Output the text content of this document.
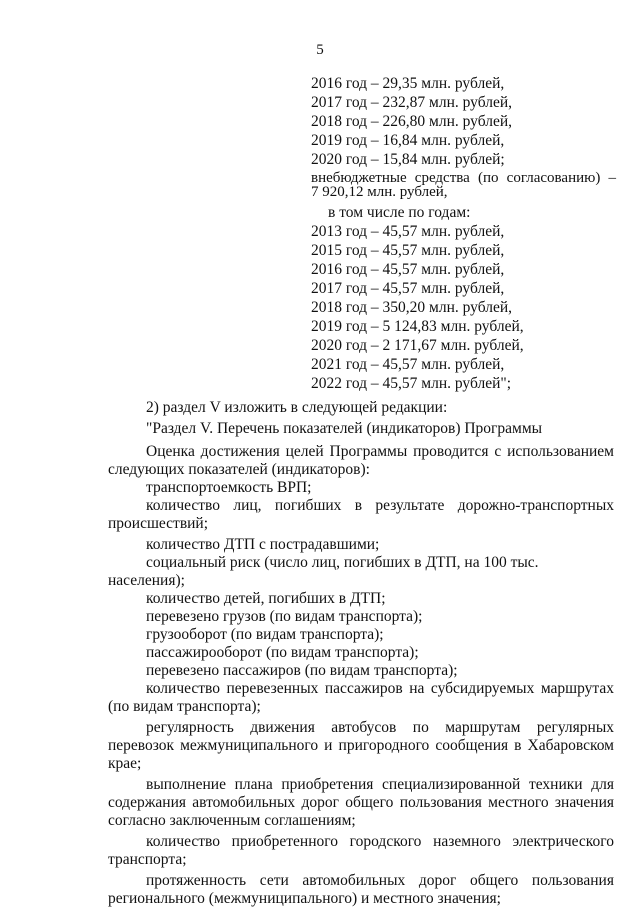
5
2016 год – 29,35 млн. рублей,
2017 год – 232,87 млн. рублей,
2018 год – 226,80 млн. рублей,
2019 год – 16,84 млн. рублей,
2020 год – 15,84 млн. рублей;
внебюджетные средства (по согласованию) –
7 920,12 млн. рублей,
в том числе по годам:
2013 год – 45,57 млн. рублей,
2015 год – 45,57 млн. рублей,
2016 год – 45,57 млн. рублей,
2017 год – 45,57 млн. рублей,
2018 год – 350,20 млн. рублей,
2019 год – 5 124,83 млн. рублей,
2020 год – 2 171,67 млн. рублей,
2021 год – 45,57 млн. рублей,
2022 год – 45,57 млн. рублей";

2) раздел V изложить в следующей редакции:

"Раздел V. Перечень показателей (индикаторов) Программы

Оценка достижения целей Программы проводится с использованием следующих показателей (индикаторов):

транспортоемкость ВРП;

количество лиц, погибших в результате дорожно-транспортных происшествий;

количество ДТП с пострадавшими;

социальный риск (число лиц, погибших в ДТП, на 100 тыс. населения);

количество детей, погибших в ДТП;

перевезено грузов (по видам транспорта);

грузооборот (по видам транспорта);

пассажирооборот (по видам транспорта);

перевезено пассажиров (по видам транспорта);

количество перевезенных пассажиров на субсидируемых маршрутах (по видам транспорта);

регулярность движения автобусов по маршрутам регулярных перевозок межмуниципального и пригородного сообщения в Хабаровском крае;

выполнение плана приобретения специализированной техники для содержания автомобильных дорог общего пользования местного значения согласно заключенным соглашениям;

количество приобретенного городского наземного электрического транспорта;

протяженность сети автомобильных дорог общего пользования регионального (межмуниципального) и местного значения;
